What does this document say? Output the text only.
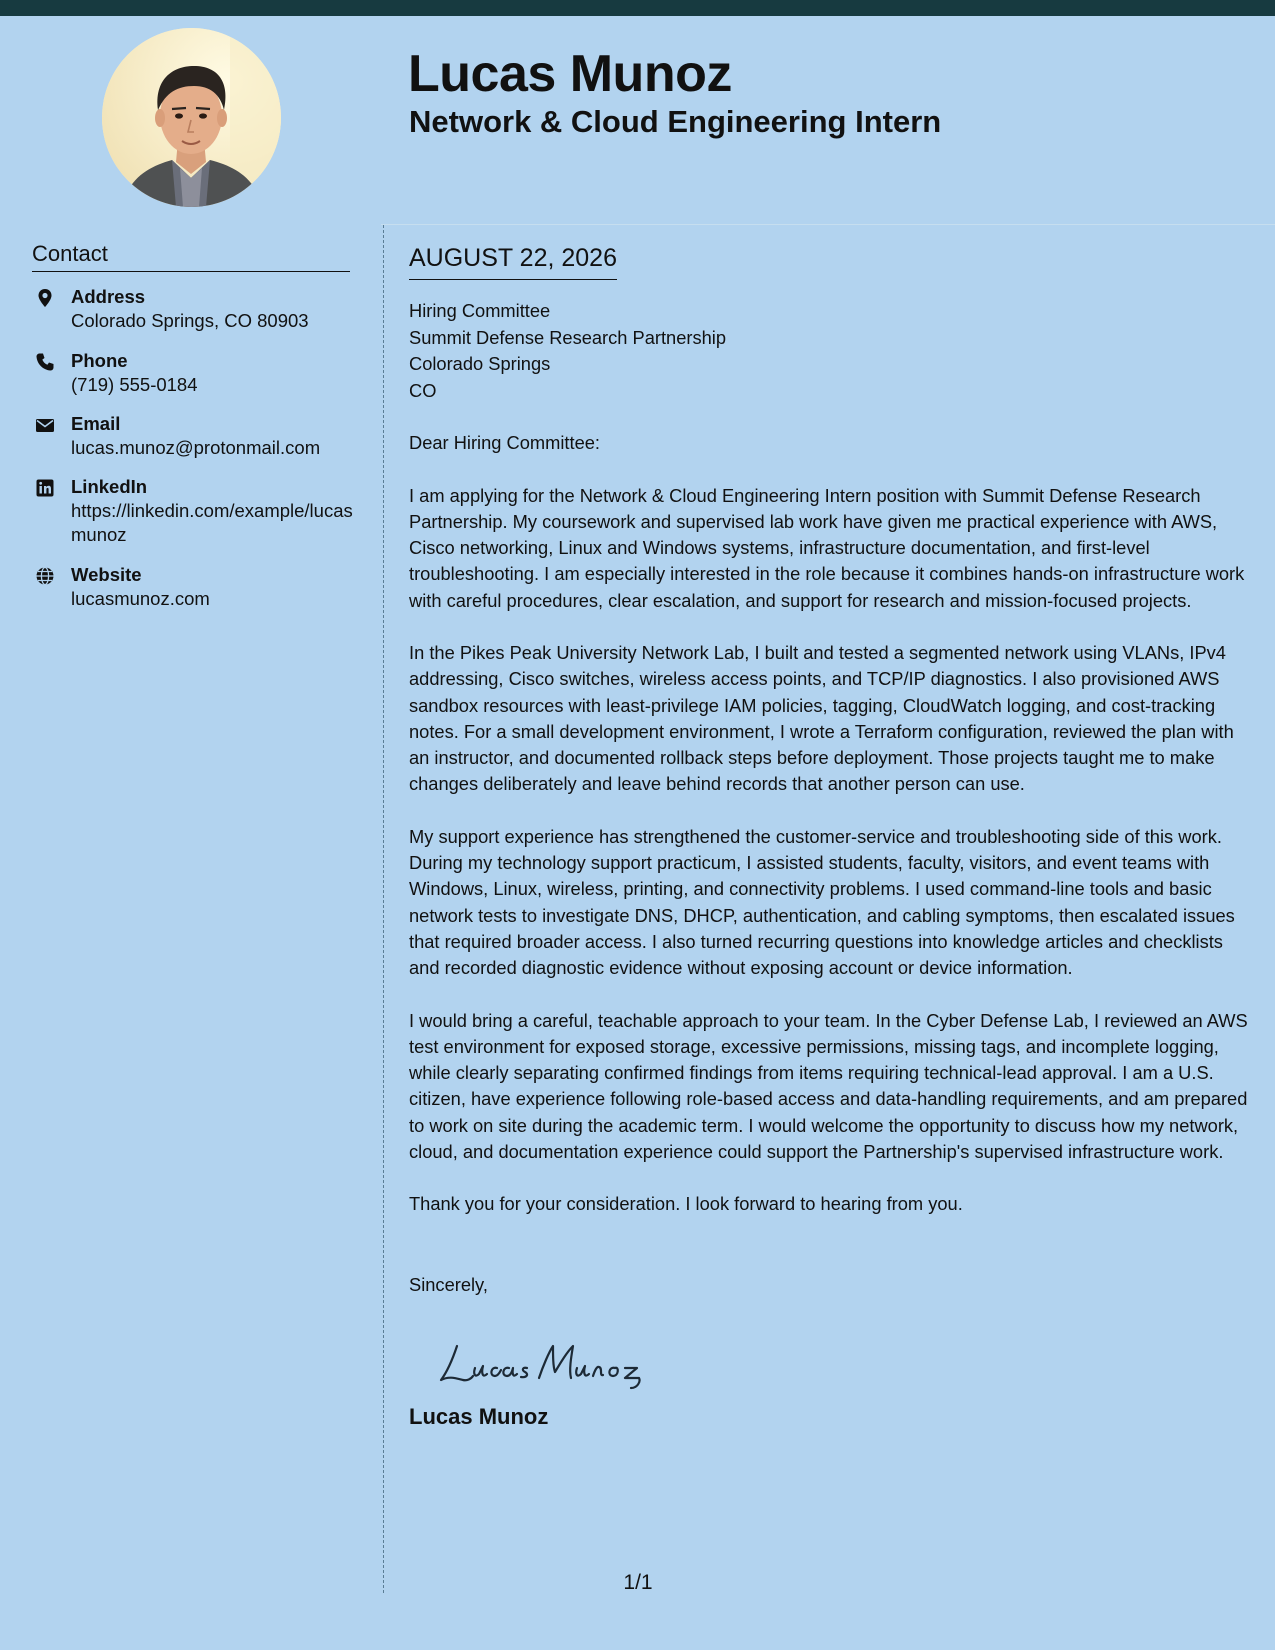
Lucas Munoz
Network & Cloud Engineering Intern
Contact
Address
Colorado Springs, CO 80903
Phone
(719) 555-0184
Email
lucas.munoz@protonmail.com
LinkedIn
https://linkedin.com/example/lucasmunoz
Website
lucasmunoz.com
AUGUST 22, 2026
Hiring Committee
Summit Defense Research Partnership
Colorado Springs
CO

Dear Hiring Committee:

I am applying for the Network & Cloud Engineering Intern position with Summit Defense Research Partnership. My coursework and supervised lab work have given me practical experience with AWS, Cisco networking, Linux and Windows systems, infrastructure documentation, and first-level troubleshooting. I am especially interested in the role because it combines hands-on infrastructure work with careful procedures, clear escalation, and support for research and mission-focused projects.

In the Pikes Peak University Network Lab, I built and tested a segmented network using VLANs, IPv4 addressing, Cisco switches, wireless access points, and TCP/IP diagnostics. I also provisioned AWS sandbox resources with least-privilege IAM policies, tagging, CloudWatch logging, and cost-tracking notes. For a small development environment, I wrote a Terraform configuration, reviewed the plan with an instructor, and documented rollback steps before deployment. Those projects taught me to make changes deliberately and leave behind records that another person can use.

My support experience has strengthened the customer-service and troubleshooting side of this work. During my technology support practicum, I assisted students, faculty, visitors, and event teams with Windows, Linux, wireless, printing, and connectivity problems. I used command-line tools and basic network tests to investigate DNS, DHCP, authentication, and cabling symptoms, then escalated issues that required broader access. I also turned recurring questions into knowledge articles and checklists and recorded diagnostic evidence without exposing account or device information.

I would bring a careful, teachable approach to your team. In the Cyber Defense Lab, I reviewed an AWS test environment for exposed storage, excessive permissions, missing tags, and incomplete logging, while clearly separating confirmed findings from items requiring technical-lead approval. I am a U.S. citizen, have experience following role-based access and data-handling requirements, and am prepared to work on site during the academic term. I would welcome the opportunity to discuss how my network, cloud, and documentation experience could support the Partnership's supervised infrastructure work.

Thank you for your consideration. I look forward to hearing from you.

Sincerely,

Lucas Munoz
1/1
